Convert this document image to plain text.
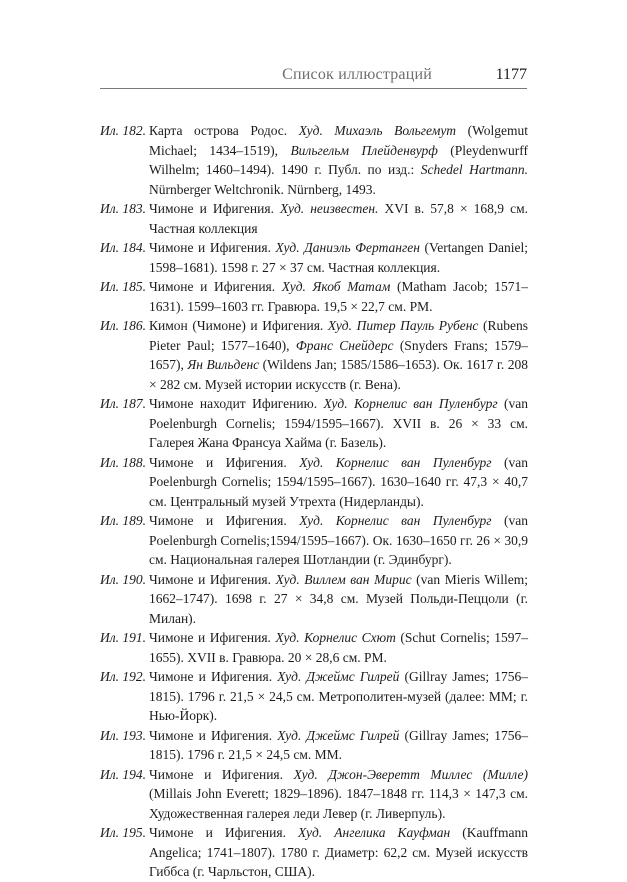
Список иллюстраций	1177
Ил. 182. Карта острова Родос. Худ. Михаэль Вольгемут (Wolgemut Michael; 1434–1519), Вильгельм Плейденвурф (Pleydenwurff Wilhelm; 1460–1494). 1490 г. Публ. по изд.: Schedel Hartmann. Nürnberger Weltchronik. Nürnberg, 1493.
Ил. 183. Чимоне и Ифигения. Худ. неизвестен. XVI в. 57,8 × 168,9 см. Частная коллекция
Ил. 184. Чимоне и Ифигения. Худ. Даниэль Фертанген (Vertangen Daniel; 1598–1681). 1598 г. 27 × 37 см. Частная коллекция.
Ил. 185. Чимоне и Ифигения. Худ. Якоб Матам (Matham Jacob; 1571–1631). 1599–1603 гг. Гравюра. 19,5 × 22,7 см. РМ.
Ил. 186. Кимон (Чимоне) и Ифигения. Худ. Питер Пауль Рубенс (Rubens Pieter Paul; 1577–1640), Франс Снейдерс (Snyders Frans; 1579–1657), Ян Вильденс (Wildens Jan; 1585/1586–1653). Ок. 1617 г. 208 × 282 см. Музей истории искусств (г. Вена).
Ил. 187. Чимоне находит Ифигению. Худ. Корнелис ван Пуленбург (van Poelenburgh Cornelis; 1594/1595–1667). XVII в. 26 × 33 см. Галерея Жана Франсуа Хайма (г. Базель).
Ил. 188. Чимоне и Ифигения. Худ. Корнелис ван Пуленбург (van Poelenburgh Cornelis; 1594/1595–1667). 1630–1640 гг. 47,3 × 40,7 см. Центральный музей Утрехта (Нидерланды).
Ил. 189. Чимоне и Ифигения. Худ. Корнелис ван Пуленбург (van Poelenburgh Cornelis;1594/1595–1667). Ок. 1630–1650 гг. 26 × 30,9 см. Национальная галерея Шотландии (г. Эдинбург).
Ил. 190. Чимоне и Ифигения. Худ. Виллем ван Мирис (van Mieris Willem; 1662–1747). 1698 г. 27 × 34,8 см. Музей Польди-Пеццоли (г. Милан).
Ил. 191. Чимоне и Ифигения. Худ. Корнелис Схют (Schut Cornelis; 1597–1655). XVII в. Гравюра. 20 × 28,6 см. РМ.
Ил. 192. Чимоне и Ифигения. Худ. Джеймс Гилрей (Gillray James; 1756–1815). 1796 г. 21,5 × 24,5 см. Метрополитен-музей (далее: ММ; г. Нью-Йорк).
Ил. 193. Чимоне и Ифигения. Худ. Джеймс Гилрей (Gillray James; 1756–1815). 1796 г. 21,5 × 24,5 см. ММ.
Ил. 194. Чимоне и Ифигения. Худ. Джон-Эверетт Миллес (Милле) (Millais John Everett; 1829–1896). 1847–1848 гг. 114,3 × 147,3 см. Художественная галерея леди Левер (г. Ливерпуль).
Ил. 195. Чимоне и Ифигения. Худ. Ангелика Кауфман (Kauffmann Angelica; 1741–1807). 1780 г. Диаметр: 62,2 см. Музей искусств Гиббса (г. Чарльстон, США).
